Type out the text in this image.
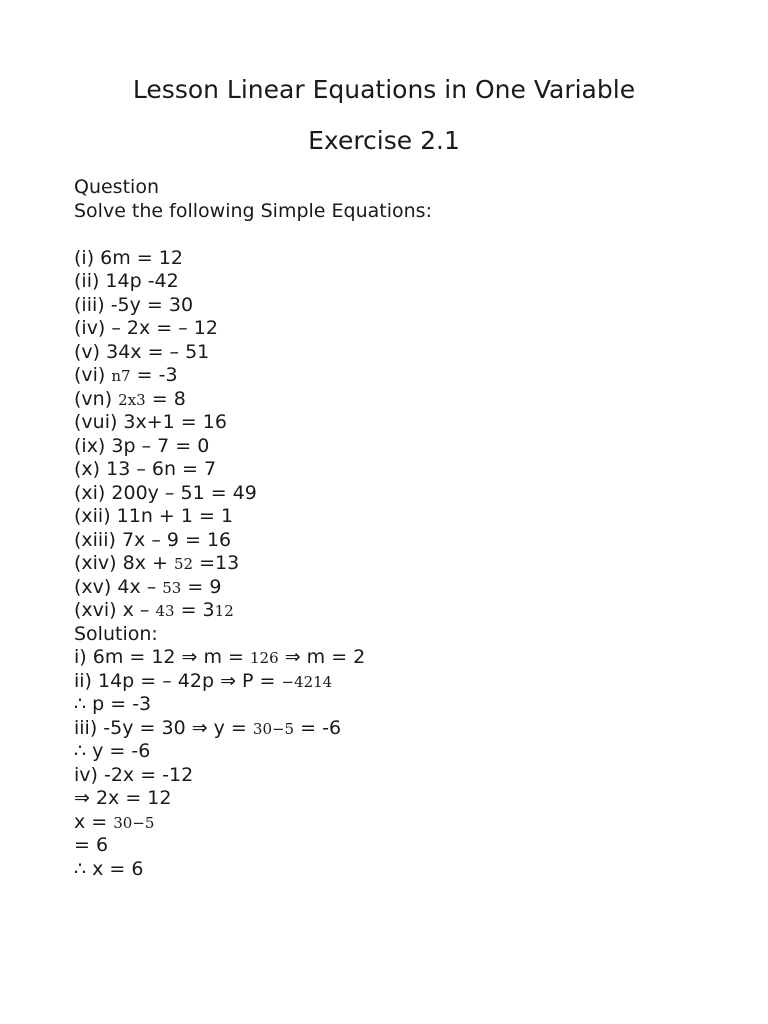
Lesson Linear Equations in One Variable
Exercise 2.1
Question
Solve the following Simple Equations:
(i) 6m = 12
(ii) 14p -42
(iii) -5y = 30
(iv) – 2x = – 12
(v) 34x = – 51
(vi) n7 = -3
(vn) 2x3 = 8
(vui) 3x+1 = 16
(ix) 3p – 7 = 0
(x) 13 – 6n = 7
(xi) 200y – 51 = 49
(xii) 11n + 1 = 1
(xiii) 7x – 9 = 16
(xiv) 8x + 52 =13
(xv) 4x – 53 = 9
(xvi) x – 43 = 312
Solution:
i) 6m = 12 ⇒ m = 126 ⇒ m = 2
ii) 14p = – 42p ⇒ P = −4214
∴ p = -3
iii) -5y = 30 ⇒ y = 30−5 = -6
∴ y = -6
iv) -2x = -12
⇒ 2x = 12
x = 30−5
= 6
∴ x = 6
